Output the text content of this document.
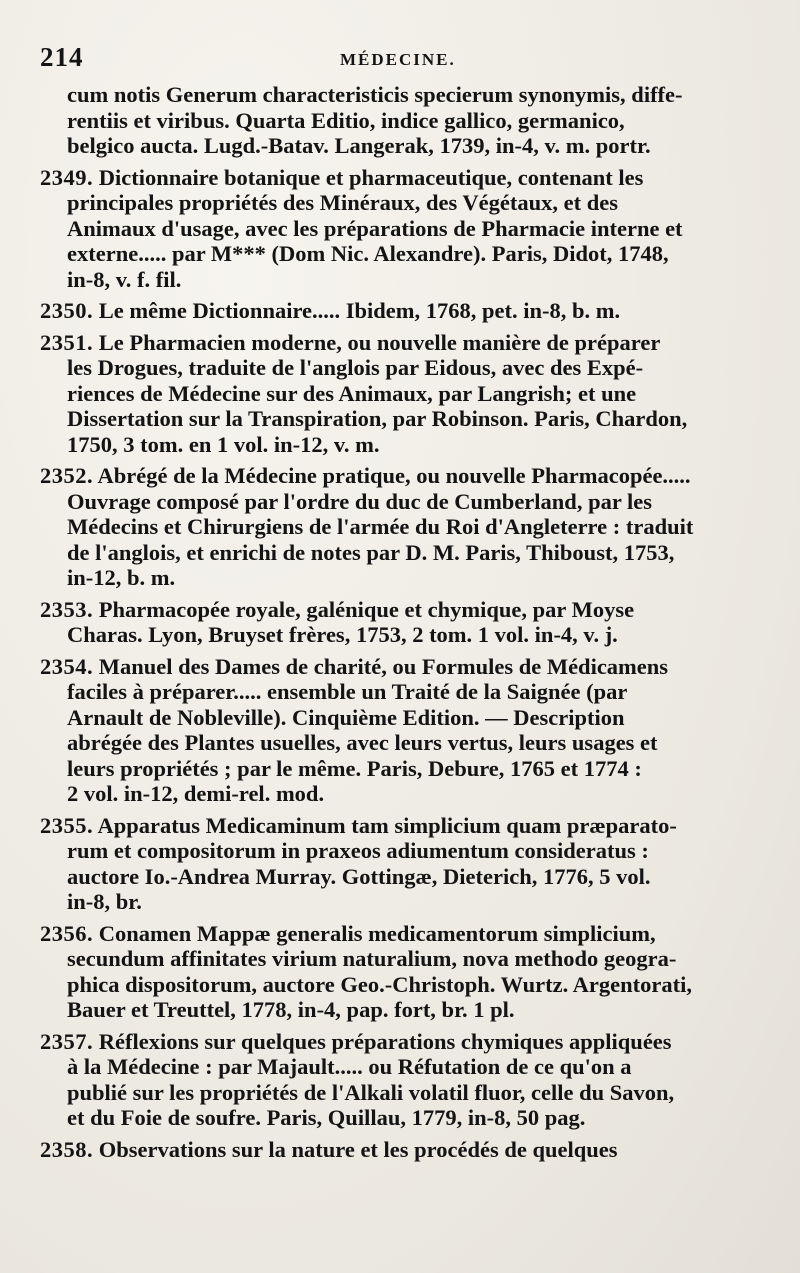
214	MÉDECINE.
cum notis Generum characteristicis specierum synonymis, diffe-
rentiis et viribus. Quarta Editio, indice gallico, germanico,
belgico aucta. Lugd.-Batav. Langerak, 1739, in-4, v. m. portr.
2349. Dictionnaire botanique et pharmaceutique, contenant les
principales propriétés des Minéraux, des Végétaux, et des
Animaux d'usage, avec les préparations de Pharmacie interne et
externe..... par M*** (Dom Nic. Alexandre). Paris, Didot, 1748,
in-8, v. f. fil.
2350. Le même Dictionnaire..... Ibidem, 1768, pet. in-8, b. m.
2351. Le Pharmacien moderne, ou nouvelle manière de préparer
les Drogues, traduite de l'anglois par Eidous, avec des Expé-
riences de Médecine sur des Animaux, par Langrish; et une
Dissertation sur la Transpiration, par Robinson. Paris, Chardon,
1750, 3 tom. en 1 vol. in-12, v. m.
2352. Abrégé de la Médecine pratique, ou nouvelle Pharmacopée.....
Ouvrage composé par l'ordre du duc de Cumberland, par les
Médecins et Chirurgiens de l'armée du Roi d'Angleterre : traduit
de l'anglois, et enrichi de notes par D. M. Paris, Thiboust, 1753,
in-12, b. m.
2353. Pharmacopée royale, galénique et chymique, par Moyse
Charas. Lyon, Bruyset frères, 1753, 2 tom. 1 vol. in-4, v. j.
2354. Manuel des Dames de charité, ou Formules de Médicamens
faciles à préparer..... ensemble un Traité de la Saignée (par
Arnault de Nobleville). Cinquième Edition. — Description
abrégée des Plantes usuelles, avec leurs vertus, leurs usages et
leurs propriétés ; par le même. Paris, Debure, 1765 et 1774 :
2 vol. in-12, demi-rel. mod.
2355. Apparatus Medicaminum tam simplicium quam præparato-
rum et compositorum in praxeos adiumentum consideratus :
auctore Io.-Andrea Murray. Gottingæ, Dieterich, 1776, 5 vol.
in-8, br.
2356. Conamen Mappæ generalis medicamentorum simplicium,
secundum affinitates virium naturalium, nova methodo geogra-
phica dispositorum, auctore Geo.-Christoph. Wurtz. Argentorati,
Bauer et Treuttel, 1778, in-4, pap. fort, br. 1 pl.
2357. Réflexions sur quelques préparations chymiques appliquées
à la Médecine : par Majault..... ou Réfutation de ce qu'on a
publié sur les propriétés de l'Alkali volatil fluor, celle du Savon,
et du Foie de soufre. Paris, Quillau, 1779, in-8, 50 pag.
2358. Observations sur la nature et les procédés de quelques
